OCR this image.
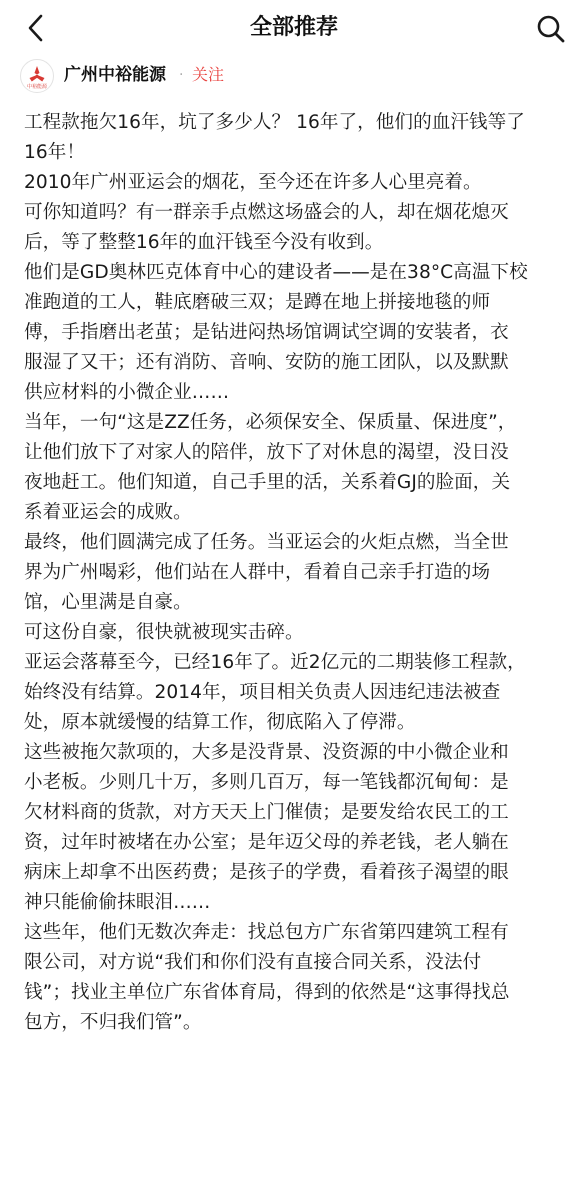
全部推荐
中裕能源
广州中裕能源 · 关注

工程款拖欠16年，坑了多少人？ 16年了，他们的血汗钱等了
16年！

2010年广州亚运会的烟花，至今还在许多人心里亮着。

可你知道吗？有一群亲手点燃这场盛会的人，却在烟花熄灭
后，等了整整16年的血汗钱至今没有收到。

他们是GD奥林匹克体育中心的建设者——是在38°C高温下校
准跑道的工人，鞋底磨破三双；是蹲在地上拼接地毯的师
傅，手指磨出老茧；是钻进闷热场馆调试空调的安装者，衣
服湿了又干；还有消防、音响、安防的施工团队，以及默默
供应材料的小微企业……

当年，一句“这是ZZ任务，必须保安全、保质量、保进度”，
让他们放下了对家人的陪伴，放下了对休息的渴望，没日没
夜地赶工。他们知道，自己手里的活，关系着GJ的脸面，关
系着亚运会的成败。

最终，他们圆满完成了任务。当亚运会的火炬点燃，当全世
界为广州喝彩，他们站在人群中，看着自己亲手打造的场
馆，心里满是自豪。

可这份自豪，很快就被现实击碎。

亚运会落幕至今，已经16年了。近2亿元的二期装修工程款，
始终没有结算。2014年，项目相关负责人因违纪违法被查
处，原本就缓慢的结算工作，彻底陷入了停滞。

这些被拖欠款项的，大多是没背景、没资源的中小微企业和
小老板。少则几十万，多则几百万，每一笔钱都沉甸甸：是
欠材料商的货款，对方天天上门催债；是要发给农民工的工
资，过年时被堵在办公室；是年迈父母的养老钱，老人躺在
病床上却拿不出医药费；是孩子的学费，看着孩子渴望的眼
神只能偷偷抹眼泪……

这些年，他们无数次奔走：找总包方广东省第四建筑工程有
限公司，对方说“我们和你们没有直接合同关系，没法付
钱”；找业主单位广东省体育局，得到的依然是“这事得找总
包方，不归我们管”。
